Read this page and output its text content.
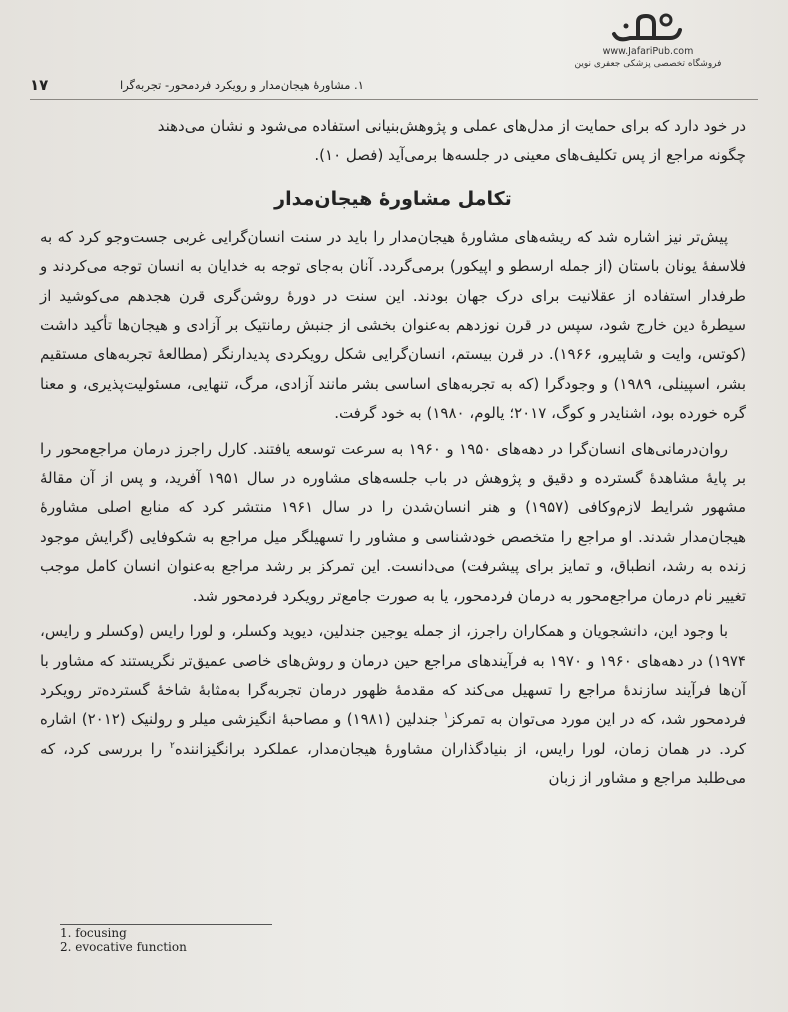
www.JafariPub.com
فروشگاه تخصصی پزشکی جعفری نوین
۱۷	۱. مشاورهٔ هیجان‌مدار و رویکرد فردمحور- تجربه‌گرا

در خود دارد که برای حمایت از مدل‌های عملی و پژوهش‌بنیانی استفاده می‌شود و نشان می‌دهند

چگونه مراجع از پس تکلیف‌های معینی در جلسه‌ها برمی‌آید (فصل ۱۰).

تکامل مشاورهٔ هیجان‌مدار

پیش‌تر نیز اشاره شد که ریشه‌های مشاورهٔ هیجان‌مدار را باید در سنت انسان‌گرایی غربی جست‌وجو کرد که به فلاسفهٔ یونان باستان (از جمله ارسطو و اپیکور) برمی‌گردد. آنان به‌جای توجه به خدایان به انسان توجه می‌کردند و طرفدار استفاده از عقلانیت برای درک جهان بودند. این سنت در دورهٔ روشن‌گری قرن هجدهم می‌کوشید از سیطرهٔ دین خارج شود، سپس در قرن نوزدهم به‌عنوان بخشی از جنبش رمانتیک بر آزادی و هیجان‌ها تأکید داشت (کوتس، وایت و شاپیرو، ۱۹۶۶). در قرن بیستم، انسان‌گرایی شکل رویکردی پدیدارنگر (مطالعهٔ تجربه‌های مستقیم بشر، اسپینلی، ۱۹۸۹) و وجودگرا (که به تجربه‌های اساسی بشر مانند آزادی، مرگ، تنهایی، مسئولیت‌پذیری، و معنا گره خورده بود، اشنایدر و کوگ، ۲۰۱۷؛ یالوم، ۱۹۸۰) به خود گرفت.

روان‌درمانی‌های انسان‌گرا در دهه‌های ۱۹۵۰ و ۱۹۶۰ به سرعت توسعه یافتند. کارل راجرز درمان مراجع‌محور را بر پایهٔ مشاهدهٔ گسترده و دقیق و پژوهش در باب جلسه‌های مشاوره در سال ۱۹۵۱ آفرید، و پس از آن مقالهٔ مشهور شرایط لازم‌وکافی (۱۹۵۷) و هنر انسان‌شدن را در سال ۱۹۶۱ منتشر کرد که منابع اصلی مشاورهٔ هیجان‌مدار شدند. او مراجع را متخصص خودشناسی و مشاور را تسهیلگر میل مراجع به شکوفایی (گرایش موجود زنده به رشد، انطباق، و تمایز برای پیشرفت) می‌دانست. این تمرکز بر رشد مراجع به‌عنوان انسان کامل موجب تغییر نام درمان مراجع‌محور به درمان فردمحور، یا به صورت جامع‌تر رویکرد فردمحور شد.

با وجود این، دانشجویان و همکاران راجرز، از جمله یوجین جندلین، دیوید وکسلر، و لورا رایس (وکسلر و رایس، ۱۹۷۴) در دهه‌های ۱۹۶۰ و ۱۹۷۰ به فرآیندهای مراجع حین درمان و روش‌های خاصی عمیق‌تر نگریستند که مشاور با آن‌ها فرآیند سازندهٔ مراجع را تسهیل می‌کند که مقدمهٔ ظهور درمان تجربه‌گرا به‌مثابهٔ شاخهٔ گسترده‌تر رویکرد فردمحور شد، که در این مورد می‌توان به تمرکز$^۱$ جندلین (۱۹۸۱) و مصاحبهٔ انگیزشی میلر و رولنیک (۲۰۱۲) اشاره کرد. در همان زمان، لورا رایس، از بنیادگذاران مشاورهٔ هیجان‌مدار، عملکرد برانگیزاننده$^۲$ را بررسی کرد، که می‌طلبد مراجع و مشاور از زبان

1. focusing
2. evocative function
